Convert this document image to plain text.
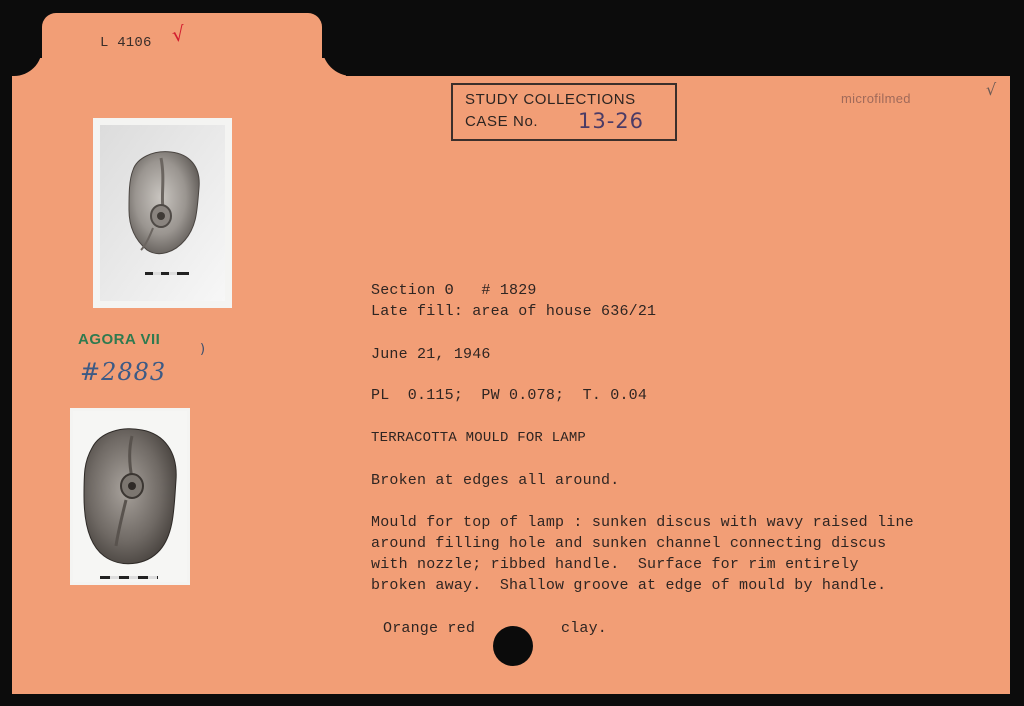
L 4106 √
STUDY COLLECTIONS
CASE No. 13-26
microfilmed	√
AGORA VII
)
#2883
Section Θ   # 1829
Late fill: area of house 636/21
June 21, 1946
PL  0.115;  PW 0.078;  T. 0.04
TERRACOTTA MOULD FOR LAMP
Broken at edges all around.
Mould for top of lamp : sunken discus with wavy raised line
around filling hole and sunken channel connecting discus
with nozzle; ribbed handle.  Surface for rim entirely
broken away.  Shallow groove at edge of mould by handle.
Orange red	clay.
